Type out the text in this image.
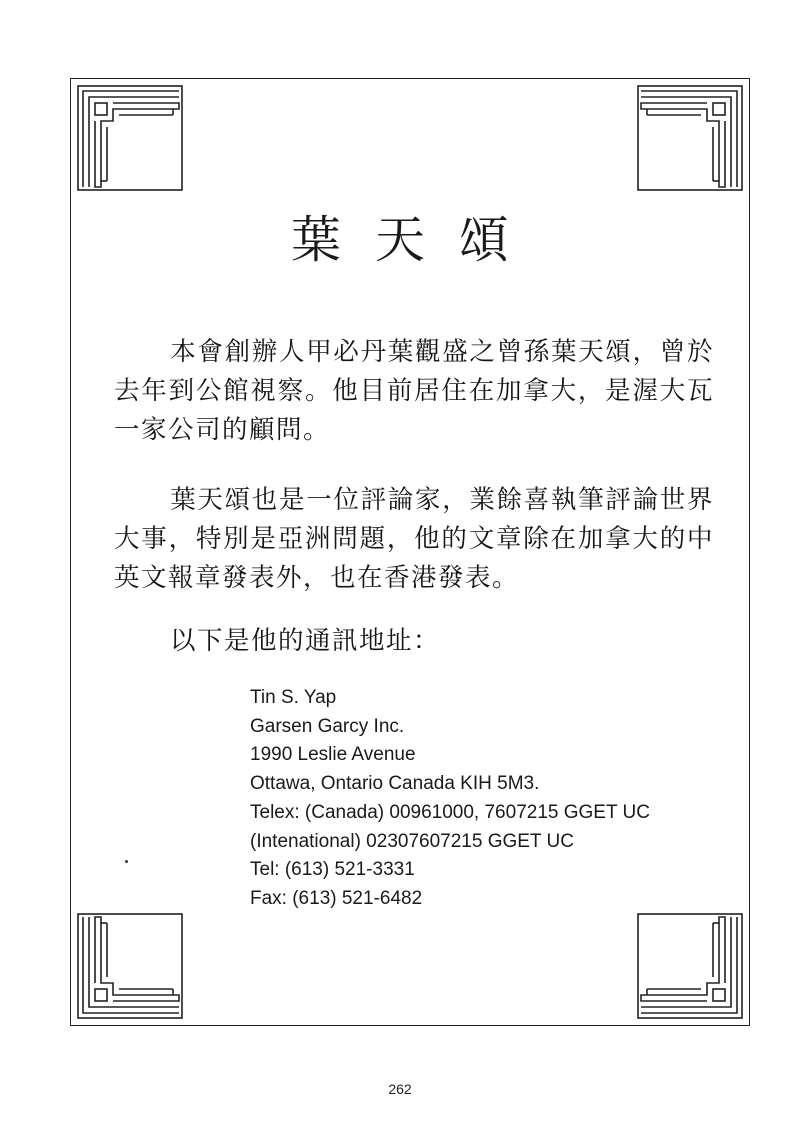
葉天頌
本會創辦人甲必丹葉觀盛之曾孫葉天頌，曾於去年到公館視察。他目前居住在加拿大，是渥大瓦一家公司的顧問。
葉天頌也是一位評論家，業餘喜執筆評論世界大事，特別是亞洲問題，他的文章除在加拿大的中英文報章發表外，也在香港發表。
以下是他的通訊地址：
Tin S. Yap
Garsen Garcy Inc.
1990 Leslie Avenue
Ottawa, Ontario Canada KIH 5M3.
Telex: (Canada) 00961000, 7607215 GGET UC
(Intenational) 02307607215 GGET UC
Tel: (613) 521-3331
Fax: (613) 521-6482
262
